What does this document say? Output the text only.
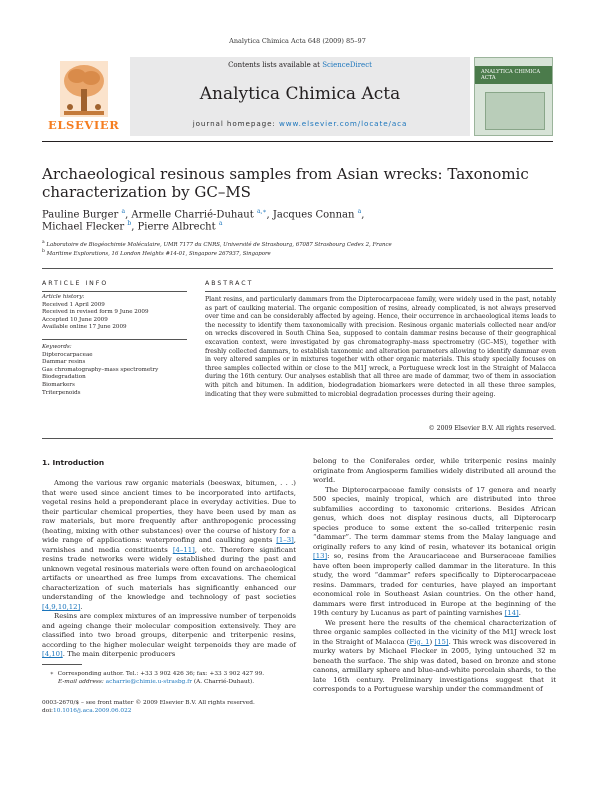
Analytica Chimica Acta 648 (2009) 85–97
ELSEVIER
Contents lists available at ScienceDirect
Analytica Chimica Acta
journal homepage: www.elsevier.com/locate/aca
ANALYTICA CHIMICA ACTA
Archaeological resinous samples from Asian wrecks: Taxonomic characterization by GC–MS
Pauline Burger $^a$, Armelle Charrié-Duhaut $^{a,∗}$, Jacques Connan $^a$,
Michael Flecker $^b$, Pierre Albrecht $^a$
$^a$ Laboratoire de Biogéochimie Moléculaire, UMR 7177 du CNRS, Université de Strasbourg, 67087 Strasbourg Cedex 2, France
$^b$ Maritime Explorations, 16 London Heights #14-01, Singapore 267937, Singapore
ARTICLE INFO	ABSTRACT
Article history:
Received 1 April 2009
Received in revised form 9 June 2009
Accepted 10 June 2009
Available online 17 June 2009
Keywords:
Dipterocarpaceae
Dammar resins
Gas chromatography–mass spectrometry
Biodegradation
Biomarkers
Triterpenoids
Plant resins, and particularly dammars from the Dipterocarpaceae family, were widely used in the past, notably as part of caulking material. The organic composition of resins, already complicated, is not always preserved over time and can be considerably affected by ageing. Hence, their occurrence in archaeological items leads to the necessity to identify them taxonomically with precision. Resinous organic materials collected near and/or on wrecks discovered in South China Sea, supposed to contain dammar resins because of their geographical excavation context, were investigated by gas chromatography–mass spectrometry (GC–MS), together with freshly collected dammars, to establish taxonomic and alteration parameters allowing to identify dammar even in very altered samples or in mixtures together with other organic materials. This study specially focuses on three samples collected within or close to the M1J wreck, a Portuguese wreck lost in the Straight of Malacca during the 16th century. Our analyses establish that all three are made of dammar, two of them in association with pitch and bitumen. In addition, biodegradation biomarkers were detected in all these three samples, indicating that they were submitted to microbial degradation processes during their ageing.
© 2009 Elsevier B.V. All rights reserved.
1. Introduction

Among the various raw organic materials (beeswax, bitumen, . . .) that were used since ancient times to be incorporated into artifacts, vegetal resins held a preponderant place in everyday activities. Due to their particular chemical properties, they have been used by man as raw materials, but more frequently after anthropogenic processing (heating, mixing with other substances) over the course of history for a wide range of applications: waterproofing and caulking agents [1–3], varnishes and media constituents [4–11], etc. Therefore significant resins trade networks were widely established during the past and unknown vegetal resinous materials were often found on archaeological artifacts or unearthed as free lumps from excavations. The chemical characterization of such materials has significantly enhanced our understanding of the knowledge and technology of past societies [4,9,10,12].

Resins are complex mixtures of an impressive number of terpenoids and ageing change their molecular composition extensively. They are classified into two broad groups, diterpenic and triterpenic resins, according to the higher molecular weight terpenoids they are made of [4,10]. The main diterpenic producers

belong to the Coniferales order, while triterpenic resins mainly originate from Angiosperm families widely distributed all around the world.

The Dipterocarpaceae family consists of 17 genera and nearly 500 species, mainly tropical, which are distributed into three subfamilies according to taxonomic criterions. Besides African genus, which does not display resinous ducts, all Dipterocarp species produce to some extent the so-called triterpenic resin “dammar”. The term dammar stems from the Malay language and originally refers to any kind of resin, whatever its botanical origin [13]: so, resins from the Araucariaceae and Burseraceae families have often been improperly called dammar in the literature. In this study, the word “dammar” refers specifically to Dipterocarpaceae resins. Dammars, traded for centuries, have played an important economical role in Southeast Asian countries. On the other hand, dammars were first introduced in Europe at the beginning of the 19th century by Lucanus as part of painting varnishes [14].

We present here the results of the chemical characterization of three organic samples collected in the vicinity of the M1J wreck lost in the Straight of Malacca (Fig. 1) [15]. This wreck was discovered in murky waters by Michael Flecker in 2005, lying untouched 32 m beneath the surface. The ship was dated, based on bronze and stone canons, armillary sphere and blue-and-white porcelain shards, to the late 16th century. Preliminary investigations suggest that it corresponds to a Portuguese warship under the commandment of

∗ Corresponding author. Tel.: +33 3 902 426 36; fax: +33 3 902 427 99.
E-mail address: acharrie@chimie.u-strasbg.fr (A. Charrié-Duhaut).
0003-2670/$ – see front matter © 2009 Elsevier B.V. All rights reserved.
doi:10.1016/j.aca.2009.06.022
